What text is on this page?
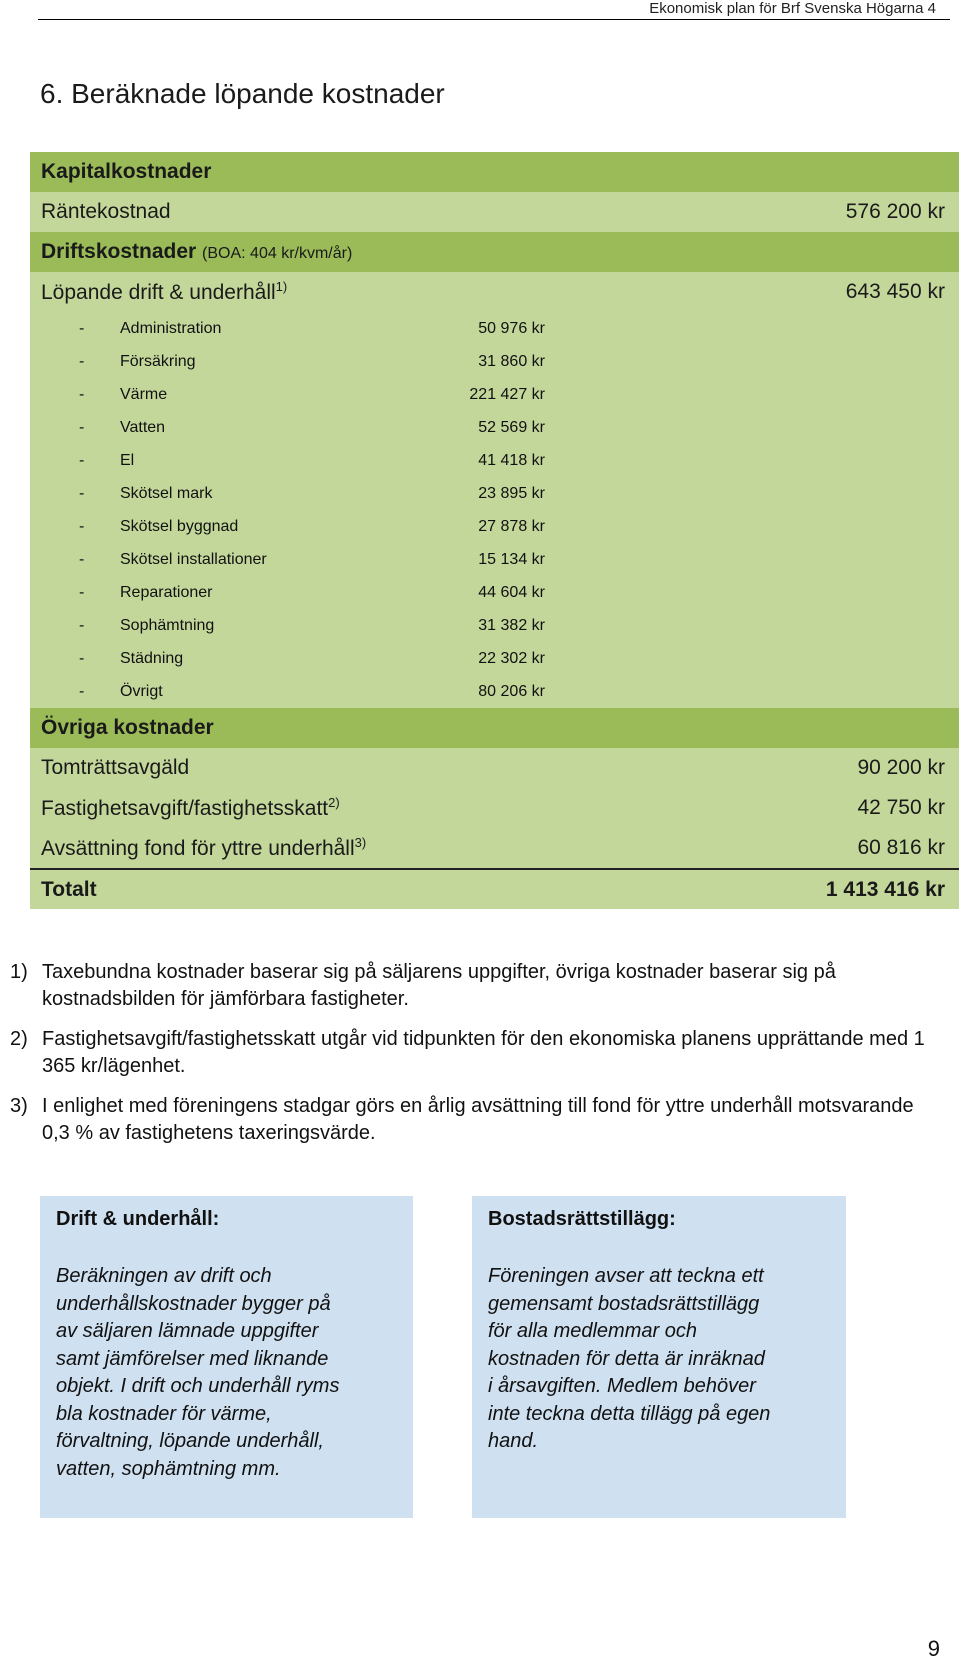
Ekonomisk plan för Brf Svenska Högarna 4
6. Beräknade löpande kostnader
Kapitalkostnader
Räntekostnad	576 200 kr
Driftskostnader (BOA: 404 kr/kvm/år)
Löpande drift & underhåll$^{1)}$	643 450 kr
- Administration	50 976 kr
- Försäkring	31 860 kr
- Värme	221 427 kr
- Vatten	52 569 kr
- El	41 418 kr
- Skötsel mark	23 895 kr
- Skötsel byggnad	27 878 kr
- Skötsel installationer	15 134 kr
- Reparationer	44 604 kr
- Sophämtning	31 382 kr
- Städning	22 302 kr
- Övrigt	80 206 kr
Övriga kostnader
Tomträttsavgäld	90 200 kr
Fastighetsavgift/fastighetsskatt$^{2)}$	42 750 kr
Avsättning fond för yttre underhåll$^{3)}$	60 816 kr
Totalt	1 413 416 kr
1) Taxebundna kostnader baserar sig på säljarens uppgifter, övriga kostnader baserar sig på kostnadsbilden för jämförbara fastigheter.
2) Fastighetsavgift/fastighetsskatt utgår vid tidpunkten för den ekonomiska planens upprättande med 1 365 kr/lägenhet.
3) I enlighet med föreningens stadgar görs en årlig avsättning till fond för yttre underhåll motsvarande 0,3 % av fastighetens taxeringsvärde.
Drift & underhåll:
Beräkningen av drift och
underhållskostnader bygger på
av säljaren lämnade uppgifter
samt jämförelser med liknande
objekt. I drift och underhåll ryms
bla kostnader för värme,
förvaltning, löpande underhåll,
vatten, sophämtning mm.
Bostadsrättstillägg:
Föreningen avser att teckna ett
gemensamt bostadsrättstillägg
för alla medlemmar och
kostnaden för detta är inräknad
i årsavgiften. Medlem behöver
inte teckna detta tillägg på egen
hand.
9
